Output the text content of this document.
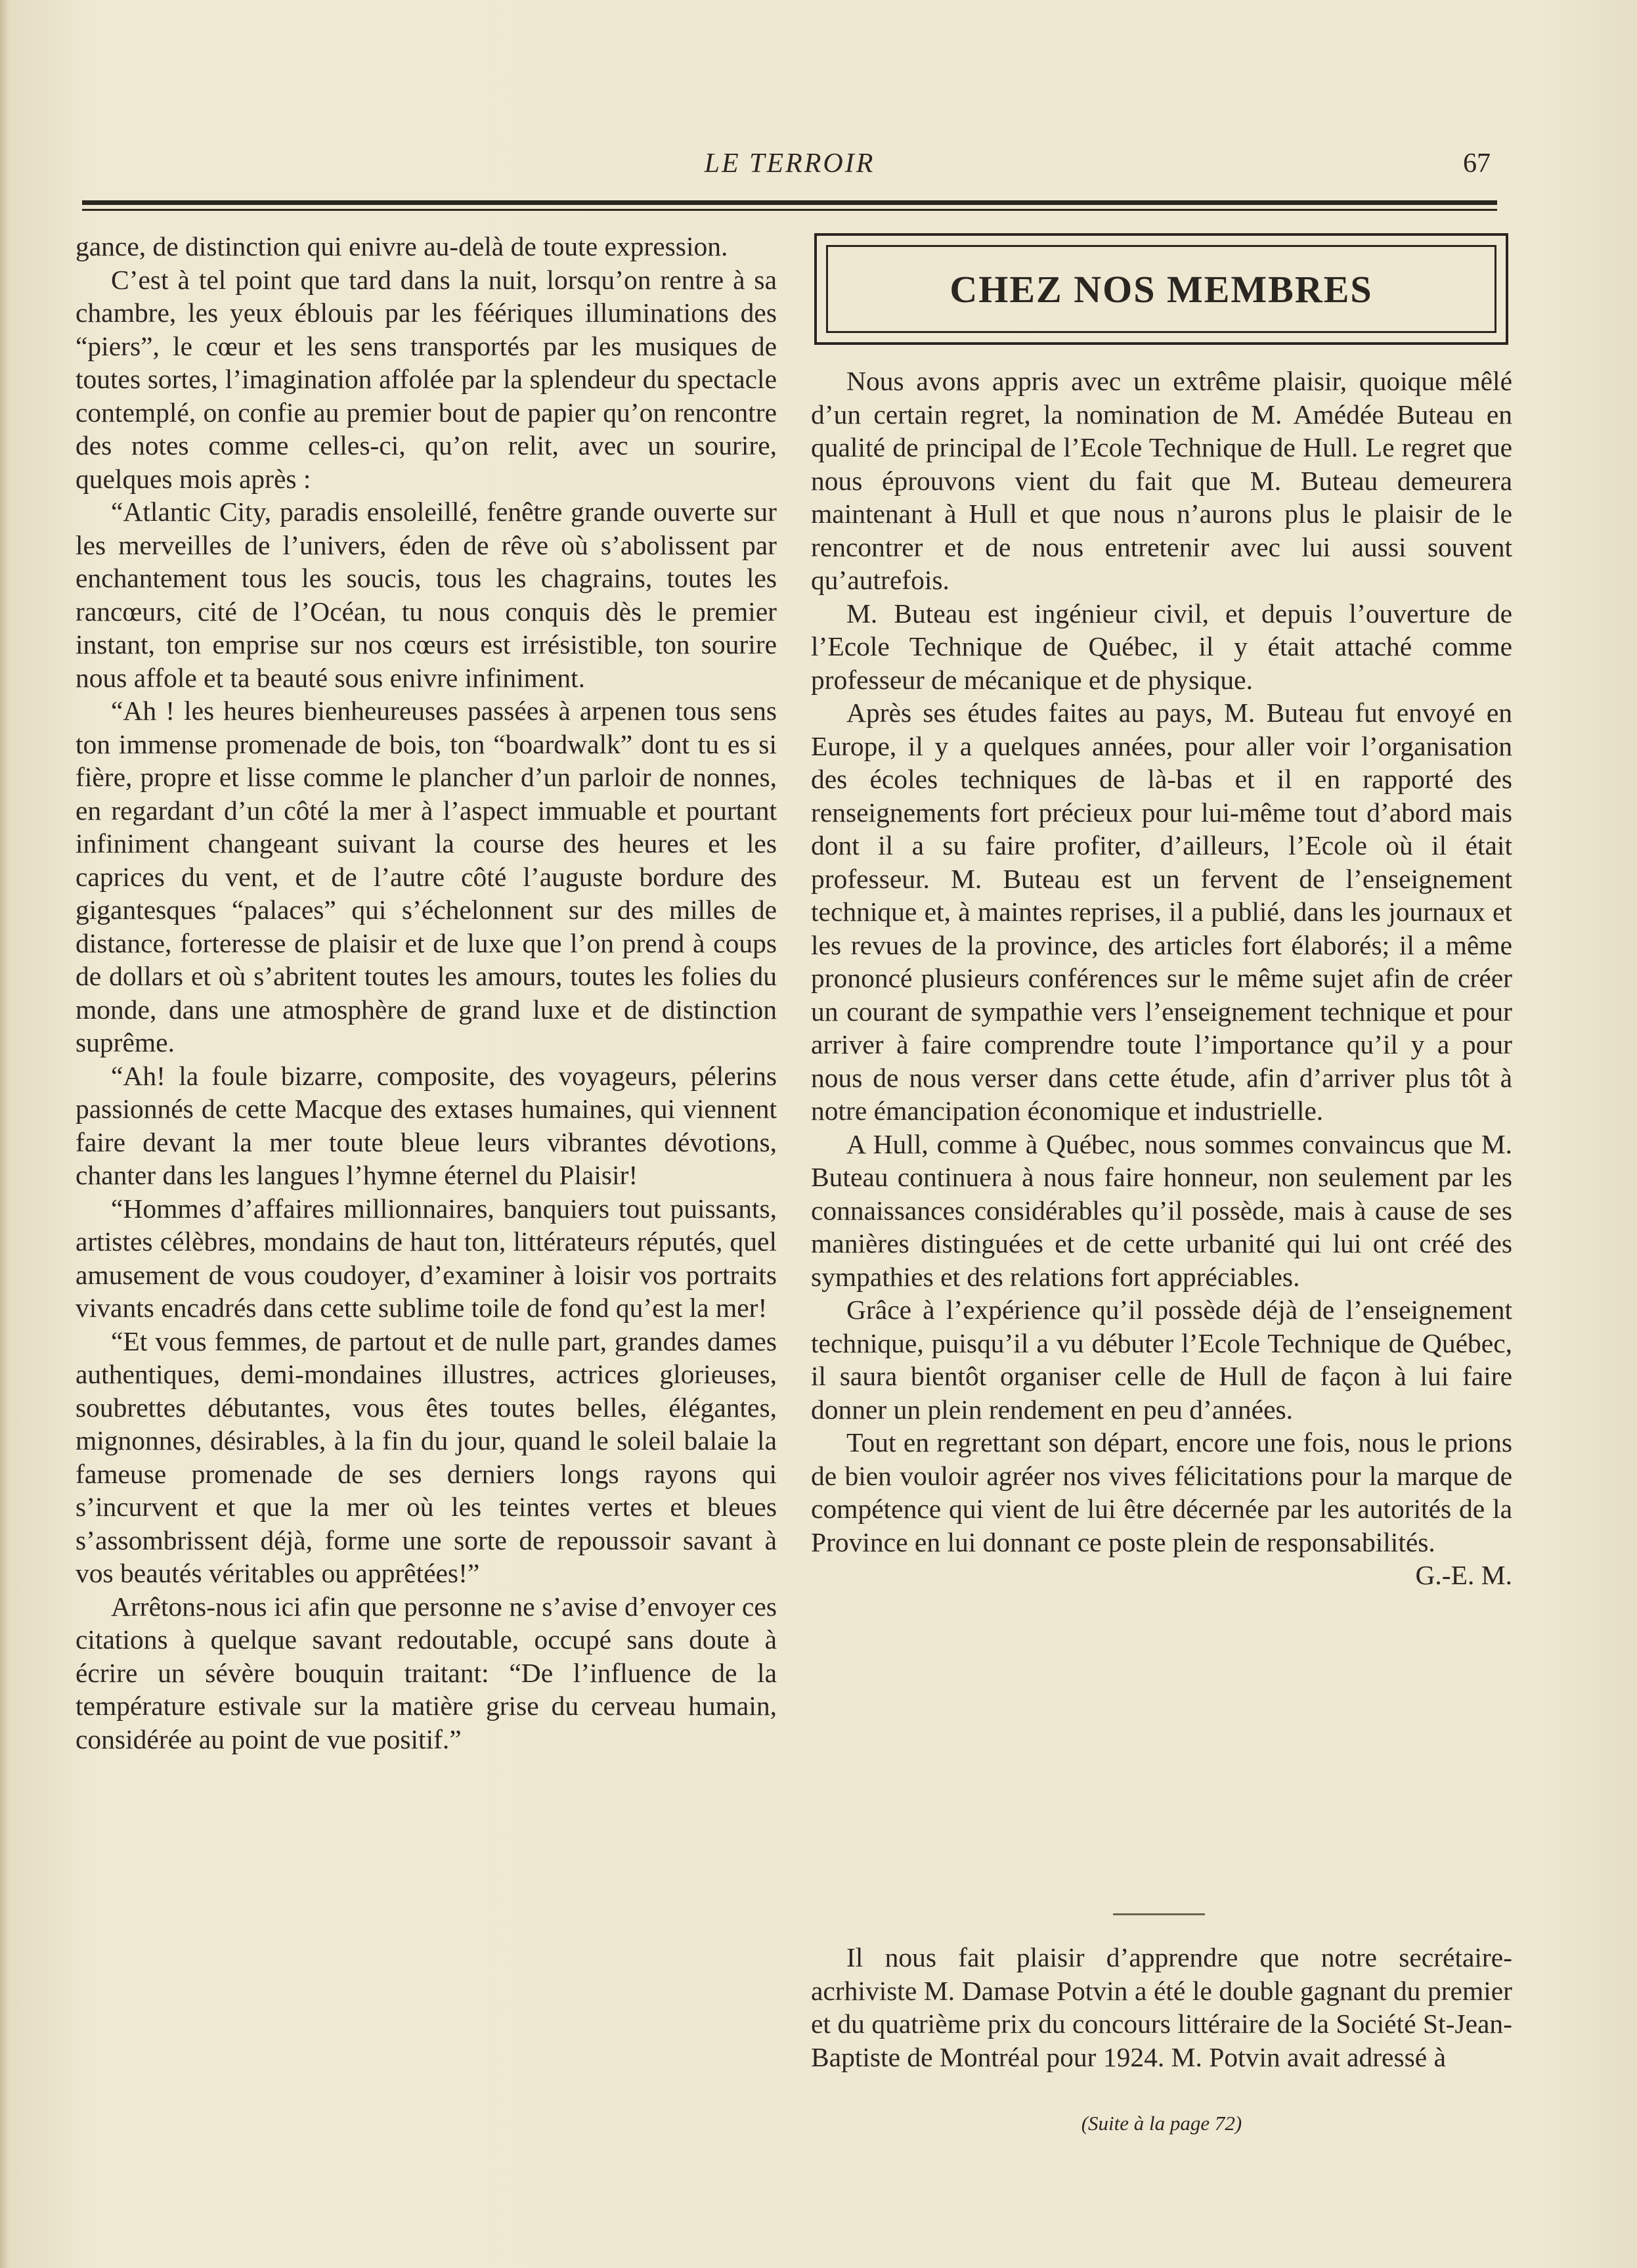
LE TERROIR	67

gance, de distinction qui enivre au-delà de toute expression.

C’est à tel point que tard dans la nuit, lorsqu’on rentre à sa chambre, les yeux éblouis par les féériques illuminations des “piers”, le cœur et les sens transportés par les musiques de toutes sortes, l’imagination affolée par la splendeur du spectacle contemplé, on confie au premier bout de papier qu’on rencontre des notes comme celles-ci, qu’on relit, avec un sourire, quelques mois après :

“Atlantic City, paradis ensoleillé, fenêtre grande ouverte sur les merveilles de l’univers, éden de rêve où s’abolissent par enchantement tous les soucis, tous les chagrains, toutes les rancœurs, cité de l’Océan, tu nous conquis dès le premier instant, ton emprise sur nos cœurs est irrésistible, ton sourire nous affole et ta beauté sous enivre infiniment.

“Ah ! les heures bienheureuses passées à arpenen tous sens ton immense promenade de bois, ton “boardwalk” dont tu es si fière, propre et lisse comme le plancher d’un parloir de nonnes, en regardant d’un côté la mer à l’aspect immuable et pourtant infiniment changeant suivant la course des heures et les caprices du vent, et de l’autre côté l’auguste bordure des gigantesques “palaces” qui s’échelonnent sur des milles de distance, forteresse de plaisir et de luxe que l’on prend à coups de dollars et où s’abritent toutes les amours, toutes les folies du monde, dans une atmosphère de grand luxe et de distinction suprême.

“Ah! la foule bizarre, composite, des voyageurs, pélerins passionnés de cette Macque des extases humaines, qui viennent faire devant la mer toute bleue leurs vibrantes dévotions, chanter dans les langues l’hymne éternel du Plaisir!

“Hommes d’affaires millionnaires, banquiers tout puissants, artistes célèbres, mondains de haut ton, littérateurs réputés, quel amusement de vous coudoyer, d’examiner à loisir vos portraits vivants encadrés dans cette sublime toile de fond qu’est la mer!

“Et vous femmes, de partout et de nulle part, grandes dames authentiques, demi-mondaines illustres, actrices glorieuses, soubrettes débutantes, vous êtes toutes belles, élégantes, mignonnes, désirables, à la fin du jour, quand le soleil balaie la fameuse promenade de ses derniers longs rayons qui s’incurvent et que la mer où les teintes vertes et bleues s’assombrissent déjà, forme une sorte de repoussoir savant à vos beautés véritables ou apprêtées!”

Arrêtons-nous ici afin que personne ne s’avise d’envoyer ces citations à quelque savant redoutable, occupé sans doute à écrire un sévère bouquin traitant: “De l’influence de la température estivale sur la matière grise du cerveau humain, considérée au point de vue positif.”

CHEZ NOS MEMBRES

Nous avons appris avec un extrême plaisir, quoique mêlé d’un certain regret, la nomination de M. Amédée Buteau en qualité de principal de l’Ecole Technique de Hull. Le regret que nous éprouvons vient du fait que M. Buteau demeurera maintenant à Hull et que nous n’aurons plus le plaisir de le rencontrer et de nous entretenir avec lui aussi souvent qu’autrefois.

M. Buteau est ingénieur civil, et depuis l’ouverture de l’Ecole Technique de Québec, il y était attaché comme professeur de mécanique et de physique.

Après ses études faites au pays, M. Buteau fut envoyé en Europe, il y a quelques années, pour aller voir l’organisation des écoles techniques de là-bas et il en rapporté des renseignements fort précieux pour lui-même tout d’abord mais dont il a su faire profiter, d’ailleurs, l’Ecole où il était professeur. M. Buteau est un fervent de l’enseignement technique et, à maintes reprises, il a publié, dans les journaux et les revues de la province, des articles fort élaborés; il a même prononcé plusieurs conférences sur le même sujet afin de créer un courant de sympathie vers l’enseignement technique et pour arriver à faire comprendre toute l’importance qu’il y a pour nous de nous verser dans cette étude, afin d’arriver plus tôt à notre émancipation économique et industrielle.

A Hull, comme à Québec, nous sommes convaincus que M. Buteau continuera à nous faire honneur, non seulement par les connaissances considérables qu’il possède, mais à cause de ses manières distinguées et de cette urbanité qui lui ont créé des sympathies et des relations fort appréciables.

Grâce à l’expérience qu’il possède déjà de l’enseignement technique, puisqu’il a vu débuter l’Ecole Technique de Québec, il saura bientôt organiser celle de Hull de façon à lui faire donner un plein rendement en peu d’années.

Tout en regrettant son départ, encore une fois, nous le prions de bien vouloir agréer nos vives félicitations pour la marque de compétence qui vient de lui être décernée par les autorités de la Province en lui donnant ce poste plein de responsabilités.
G.-E. M.

Il nous fait plaisir d’apprendre que notre secrétaire-acrhiviste M. Damase Potvin a été le double gagnant du premier et du quatrième prix du concours littéraire de la Société St-Jean-Baptiste de Montréal pour 1924. M. Potvin avait adressé à

(Suite à la page 72)
